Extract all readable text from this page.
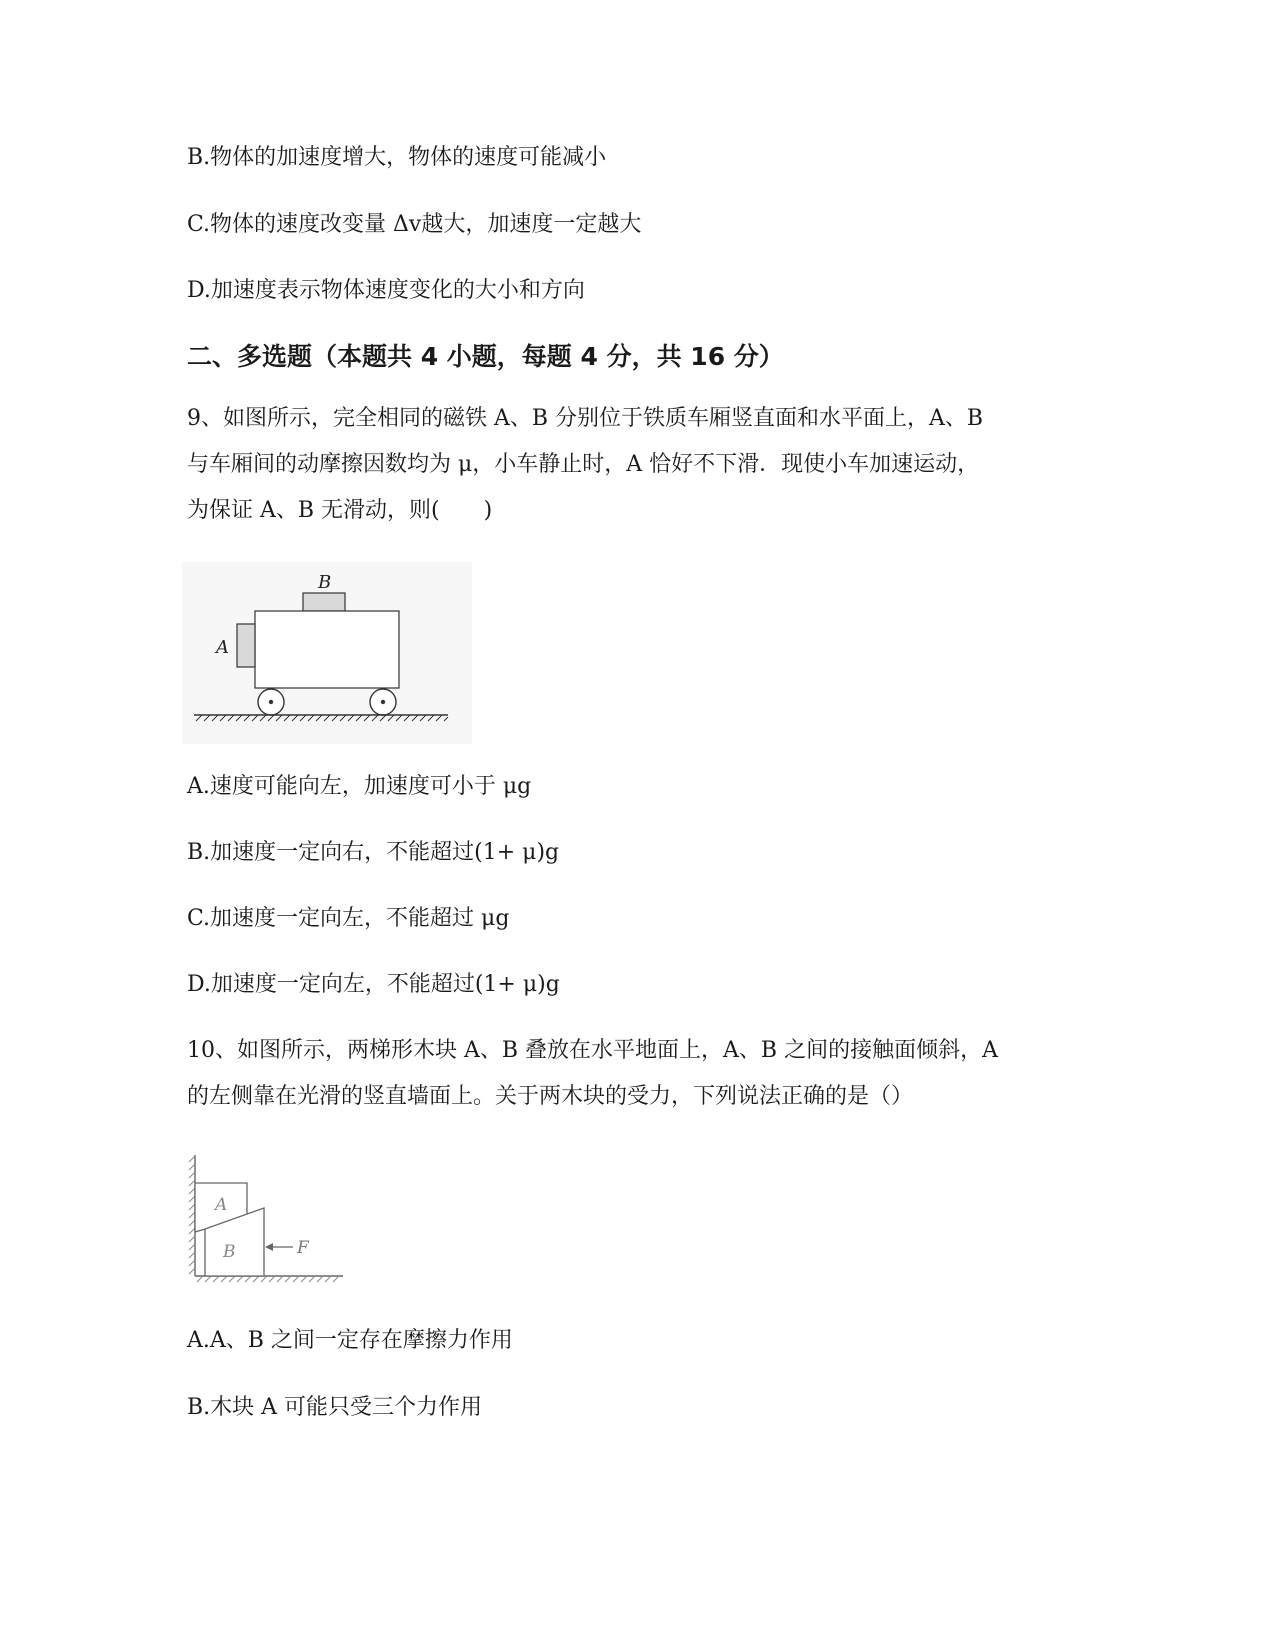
B.物体的加速度增大，物体的速度可能减小
C.物体的速度改变量 Δv越大，加速度一定越大
D.加速度表示物体速度变化的大小和方向
二、多选题（本题共 4 小题，每题 4 分，共 16 分）
9、如图所示，完全相同的磁铁 A、B 分别位于铁质车厢竖直面和水平面上，A、B
与车厢间的动摩擦因数均为 μ，小车静止时，A 恰好不下滑．现使小车加速运动，
为保证 A、B 无滑动，则(　　)
B
A
A.速度可能向左，加速度可小于 μg
B.加速度一定向右，不能超过(1+ μ)g
C.加速度一定向左，不能超过 μg
D.加速度一定向左，不能超过(1+ μ)g
10、如图所示，两梯形木块 A、B 叠放在水平地面上，A、B 之间的接触面倾斜，A
的左侧靠在光滑的竖直墙面上。关于两木块的受力，下列说法正确的是（）
A
B	F
A.A、B 之间一定存在摩擦力作用
B.木块 A 可能只受三个力作用
